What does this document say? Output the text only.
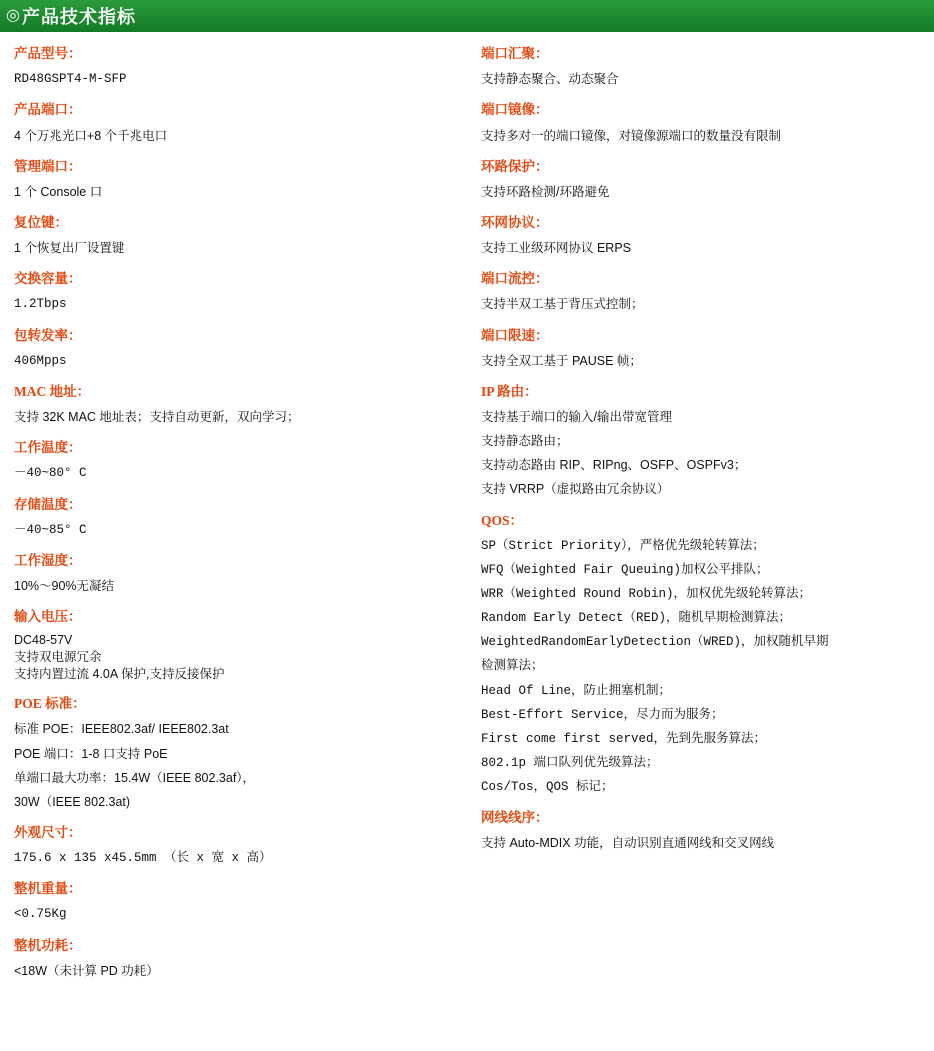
◎ 产品技术指标
产品型号：
RD48GSPT4-M-SFP
产品端口：
4 个万兆光口+8 个千兆电口
管理端口：
1 个 Console 口
复位键：
1 个恢复出厂设置键
交换容量：
1.2Tbps
包转发率：
406Mpps
MAC 地址：
支持 32K MAC 地址表；支持自动更新，双向学习；
工作温度：
－40~80° C
存储温度：
－40~85° C
工作湿度：
10%～90%无凝结
输入电压：
DC48-57V
支持双电源冗余
支持内置过流 4.0A 保护,支持反接保护
POE 标准：
标准 POE：IEEE802.3af/ IEEE802.3at
POE 端口：1-8 口支持 PoE
单端口最大功率：15.4W（IEEE 802.3af），
30W（IEEE 802.3at)
外观尺寸：
175.6 x 135 x45.5mm （长 x 宽 x 高）
整机重量：
<0.75Kg
整机功耗：
<18W（未计算 PD 功耗）
端口汇聚：
支持静态聚合、动态聚合
端口镜像：
支持多对一的端口镜像，对镜像源端口的数量没有限制
环路保护：
支持环路检测/环路避免
环网协议：
支持工业级环网协议 ERPS
端口流控：
支持半双工基于背压式控制；
端口限速：
支持全双工基于 PAUSE 帧；
IP 路由：
支持基于端口的输入/输出带宽管理
支持静态路由；
支持动态路由 RIP、RIPng、OSFP、OSPFv3；
支持 VRRP（虚拟路由冗余协议）
QOS：
SP（Strict Priority），严格优先级轮转算法；
WFQ（Weighted Fair Queuing)加权公平排队；
WRR（Weighted Round Robin)，加权优先级轮转算法；
Random Early Detect（RED)，随机早期检测算法；
WeightedRandomEarlyDetection（WRED)，加权随机早期
检测算法；
Head Of Line，防止拥塞机制；
Best-Effort Service，尽力而为服务；
First come first served，先到先服务算法；
802.1p 端口队列优先级算法；
Cos/Tos，QOS 标记；
网线线序：
支持 Auto-MDIX 功能，自动识别直通网线和交叉网线
